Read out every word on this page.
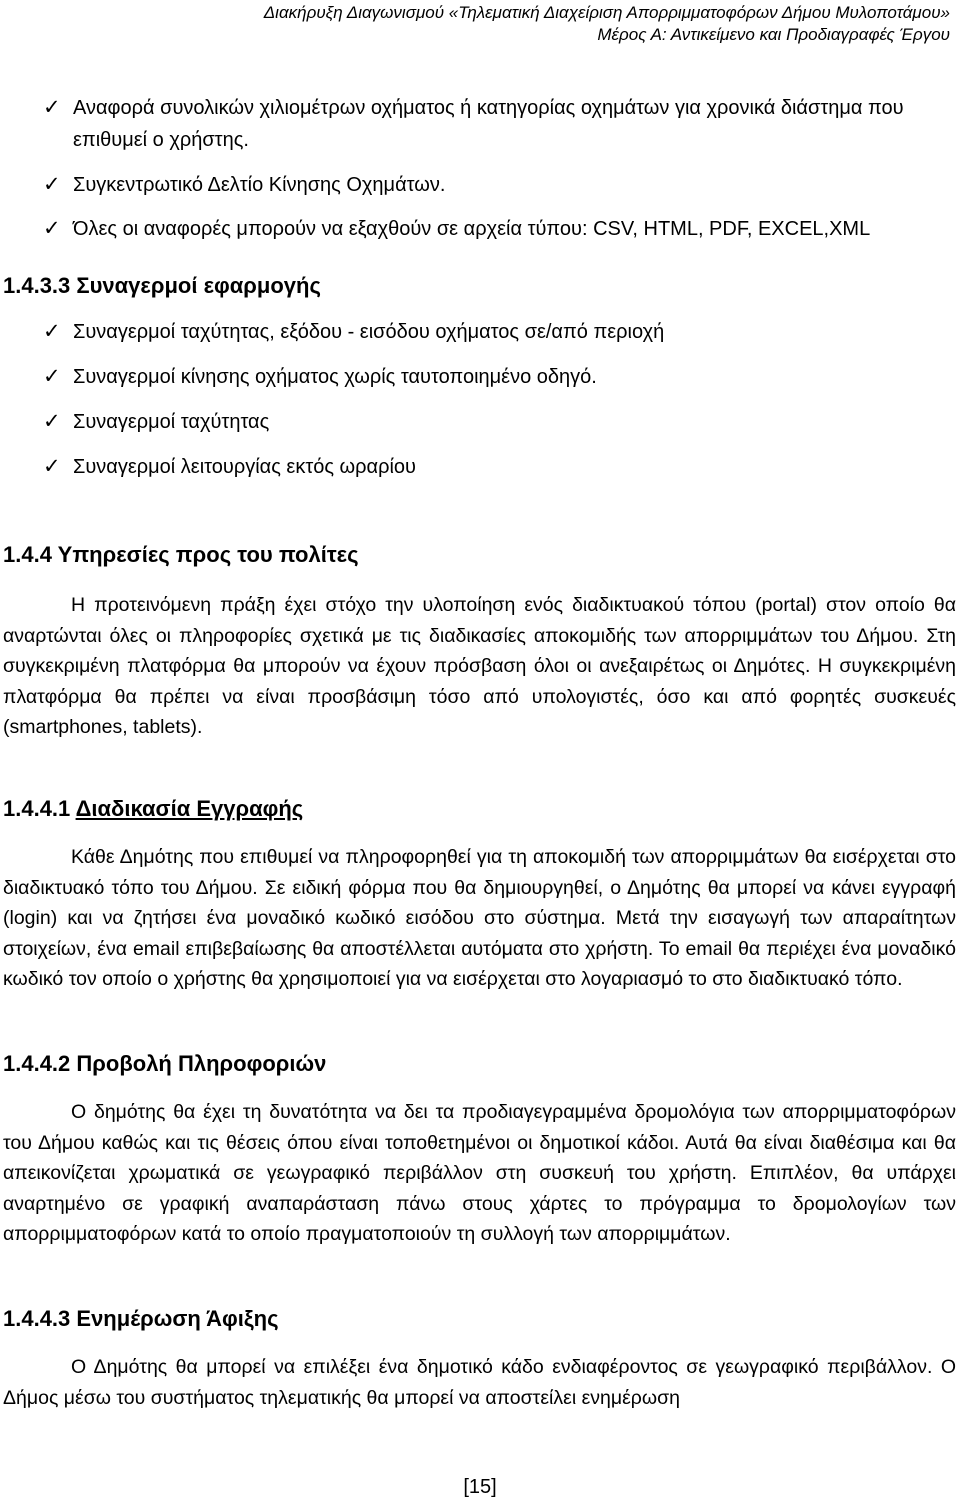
Διακήρυξη Διαγωνισμού «Τηλεματική Διαχείριση Απορριμματοφόρων Δήμου Μυλοποτάμου»
Μέρος Α: Αντικείμενο και Προδιαγραφές Έργου
✓ Αναφορά συνολικών χιλιομέτρων οχήματος ή κατηγορίας οχημάτων για χρονικά διάστημα που επιθυμεί ο χρήστης.
✓ Συγκεντρωτικό Δελτίο Κίνησης Οχημάτων.
✓ Όλες οι αναφορές μπορούν να εξαχθούν σε αρχεία τύπου: CSV, HTML, PDF, EXCEL,XML
1.4.3.3 Συναγερμοί εφαρμογής
✓ Συναγερμοί ταχύτητας, εξόδου - εισόδου οχήματος σε/από περιοχή
✓ Συναγερμοί κίνησης οχήματος χωρίς ταυτοποιημένο οδηγό.
✓ Συναγερμοί ταχύτητας
✓ Συναγερμοί λειτουργίας εκτός ωραρίου
1.4.4 Υπηρεσίες προς του πολίτες

Η προτεινόμενη πράξη έχει στόχο την υλοποίηση ενός διαδικτυακού τόπου (portal) στον οποίο θα αναρτώνται όλες οι πληροφορίες σχετικά με τις διαδικασίες αποκομιδής των απορριμμάτων του Δήμου. Στη συγκεκριμένη πλατφόρμα θα μπορούν να έχουν πρόσβαση όλοι οι ανεξαιρέτως οι Δημότες. Η συγκεκριμένη πλατφόρμα θα πρέπει να είναι προσβάσιμη τόσο από υπολογιστές, όσο και από φορητές συσκευές (smartphones, tablets).

1.4.4.1 Διαδικασία Εγγραφής

Κάθε Δημότης που επιθυμεί να πληροφορηθεί για τη αποκομιδή των απορριμμάτων θα εισέρχεται στο διαδικτυακό τόπο του Δήμου. Σε ειδική φόρμα που θα δημιουργηθεί, ο Δημότης θα μπορεί να κάνει εγγραφή (login) και να ζητήσει ένα μοναδικό κωδικό εισόδου στο σύστημα. Μετά την εισαγωγή των απαραίτητων στοιχείων, ένα email επιβεβαίωσης θα αποστέλλεται αυτόματα στο χρήστη. Το email θα περιέχει ένα μοναδικό κωδικό τον οποίο ο χρήστης θα χρησιμοποιεί για να εισέρχεται στο λογαριασμό το στο διαδικτυακό τόπο.

1.4.4.2 Προβολή Πληροφοριών

Ο δημότης θα έχει τη δυνατότητα να δει τα προδιαγεγραμμένα δρομολόγια των απορριμματοφόρων του Δήμου καθώς και τις θέσεις όπου είναι τοποθετημένοι οι δημοτικοί κάδοι. Αυτά θα είναι διαθέσιμα και θα απεικονίζεται χρωματικά σε γεωγραφικό περιβάλλον στη συσκευή του χρήστη. Επιπλέον, θα υπάρχει αναρτημένο σε γραφική αναπαράσταση πάνω στους χάρτες το πρόγραμμα το δρομολογίων των απορριμματοφόρων κατά το οποίο πραγματοποιούν τη συλλογή των απορριμμάτων.

1.4.4.3 Ενημέρωση Άφιξης

Ο Δημότης θα μπορεί να επιλέξει ένα δημοτικό κάδο ενδιαφέροντος σε γεωγραφικό περιβάλλον. Ο Δήμος μέσω του συστήματος τηλεματικής θα μπορεί να αποστείλει ενημέρωση

[15]
